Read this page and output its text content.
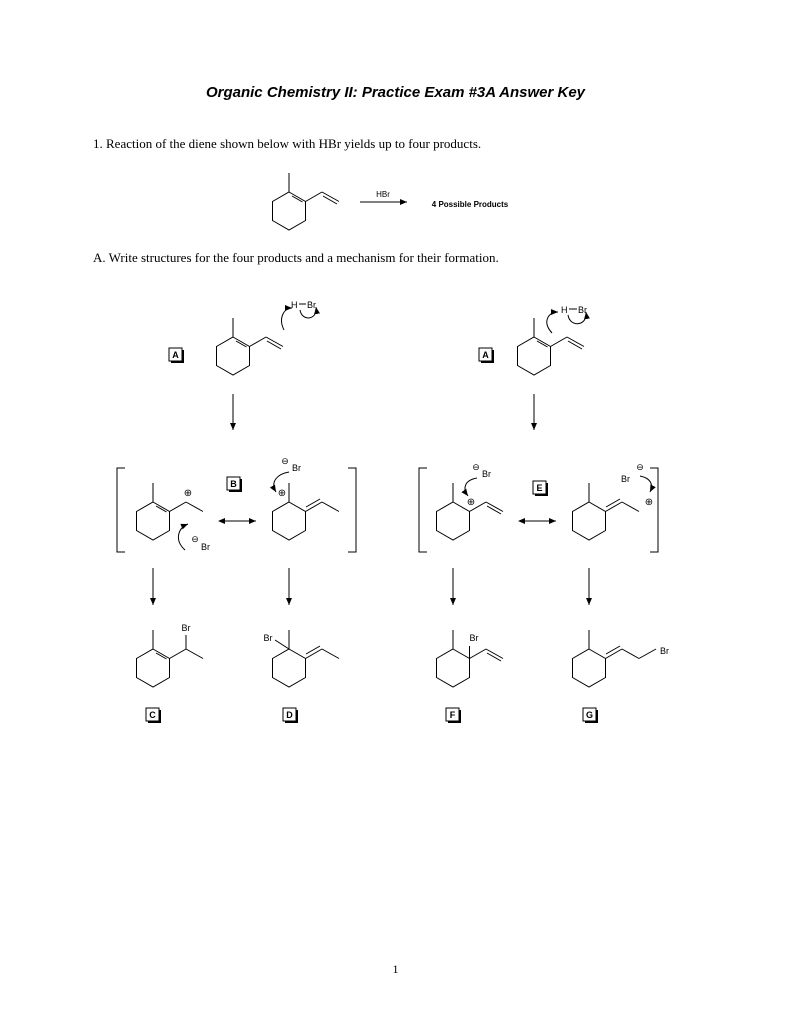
Organic Chemistry II: Practice Exam #3A Answer Key
1. Reaction of the diene shown below with HBr yields up to four products.
A. Write structures for the four products and a mechanism for their formation.
HBr
4 Possible Products
H Br
A
H Br
A
⊕
⊖
Br
⊕
⊖
Br
B
⊕
⊖
Br
⊕
Br
⊖
E
Br
C
Br
D
Br
F
Br
G
1
